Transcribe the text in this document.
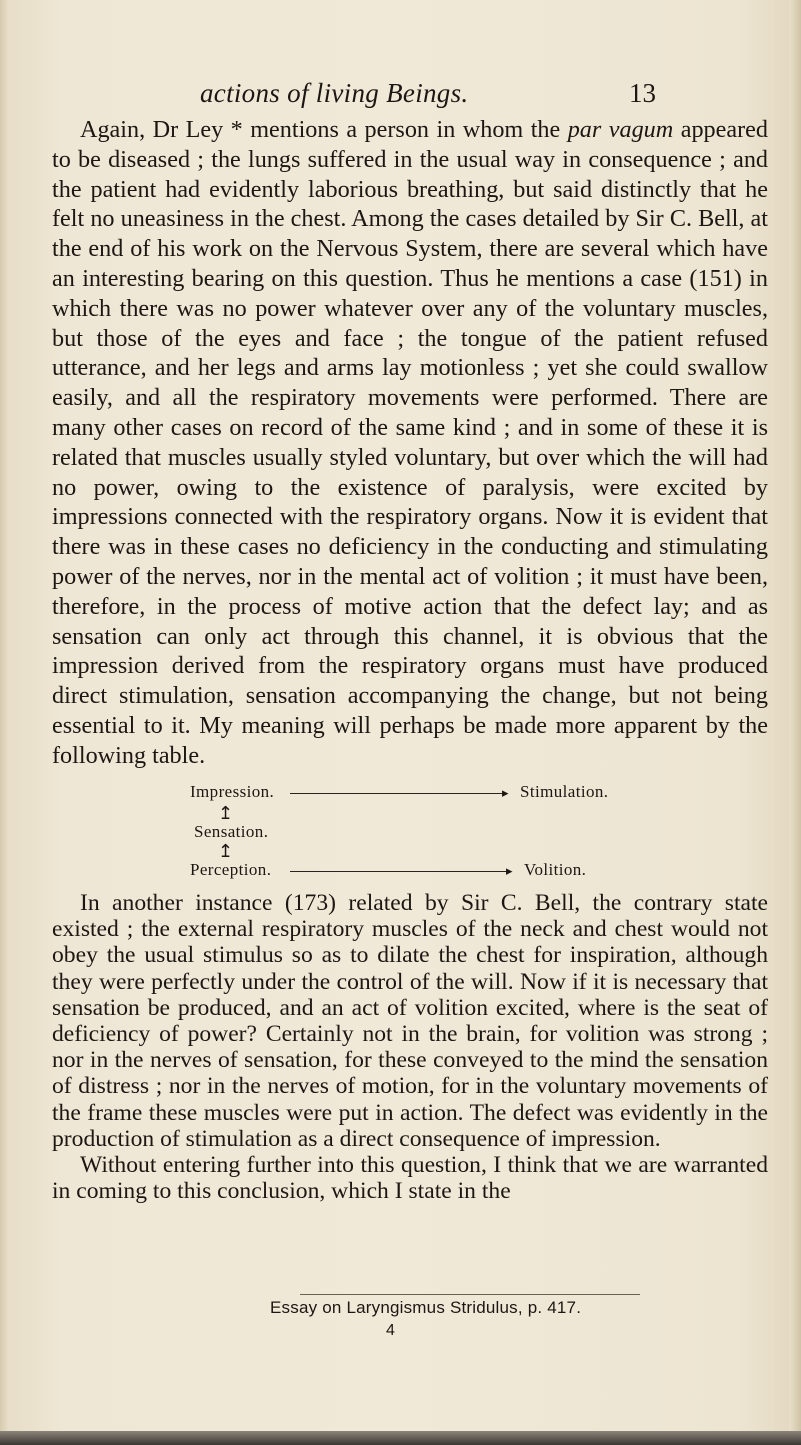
actions of living Beings.	13

Again, Dr Ley * mentions a person in whom the par vagum appeared to be diseased ; the lungs suffered in the usual way in consequence ; and the patient had evidently laborious breathing, but said distinctly that he felt no uneasiness in the chest. Among the cases detailed by Sir C. Bell, at the end of his work on the Nervous System, there are several which have an interesting bearing on this question. Thus he mentions a case (151) in which there was no power whatever over any of the voluntary muscles, but those of the eyes and face ; the tongue of the patient refused utterance, and her legs and arms lay motionless ; yet she could swallow easily, and all the respiratory movements were performed. There are many other cases on record of the same kind ; and in some of these it is related that muscles usually styled voluntary, but over which the will had no power, owing to the existence of paralysis, were excited by impressions connected with the respiratory organs. Now it is evident that there was in these cases no deficiency in the conducting and stimulating power of the nerves, nor in the mental act of volition ; it must have been, therefore, in the process of motive action that the defect lay; and as sensation can only act through this channel, it is obvious that the impression derived from the respiratory organs must have produced direct stimulation, sensation accompanying the change, but not being essential to it. My meaning will perhaps be made more apparent by the following table.

Impression.	▸ Stimulation.
↥
Sensation.
↥
Perception.	▸ Volition.

In another instance (173) related by Sir C. Bell, the contrary state existed ; the external respiratory muscles of the neck and chest would not obey the usual stimulus so as to dilate the chest for inspiration, although they were perfectly under the control of the will. Now if it is necessary that sensation be produced, and an act of volition excited, where is the seat of deficiency of power? Certainly not in the brain, for volition was strong ; nor in the nerves of sensation, for these conveyed to the mind the sensation of distress ; nor in the nerves of motion, for in the voluntary movements of the frame these muscles were put in action. The defect was evidently in the production of stimulation as a direct consequence of impression.

Without entering further into this question, I think that we are warranted in coming to this conclusion, which I state in the

Essay on Laryngismus Stridulus, p. 417.
4
